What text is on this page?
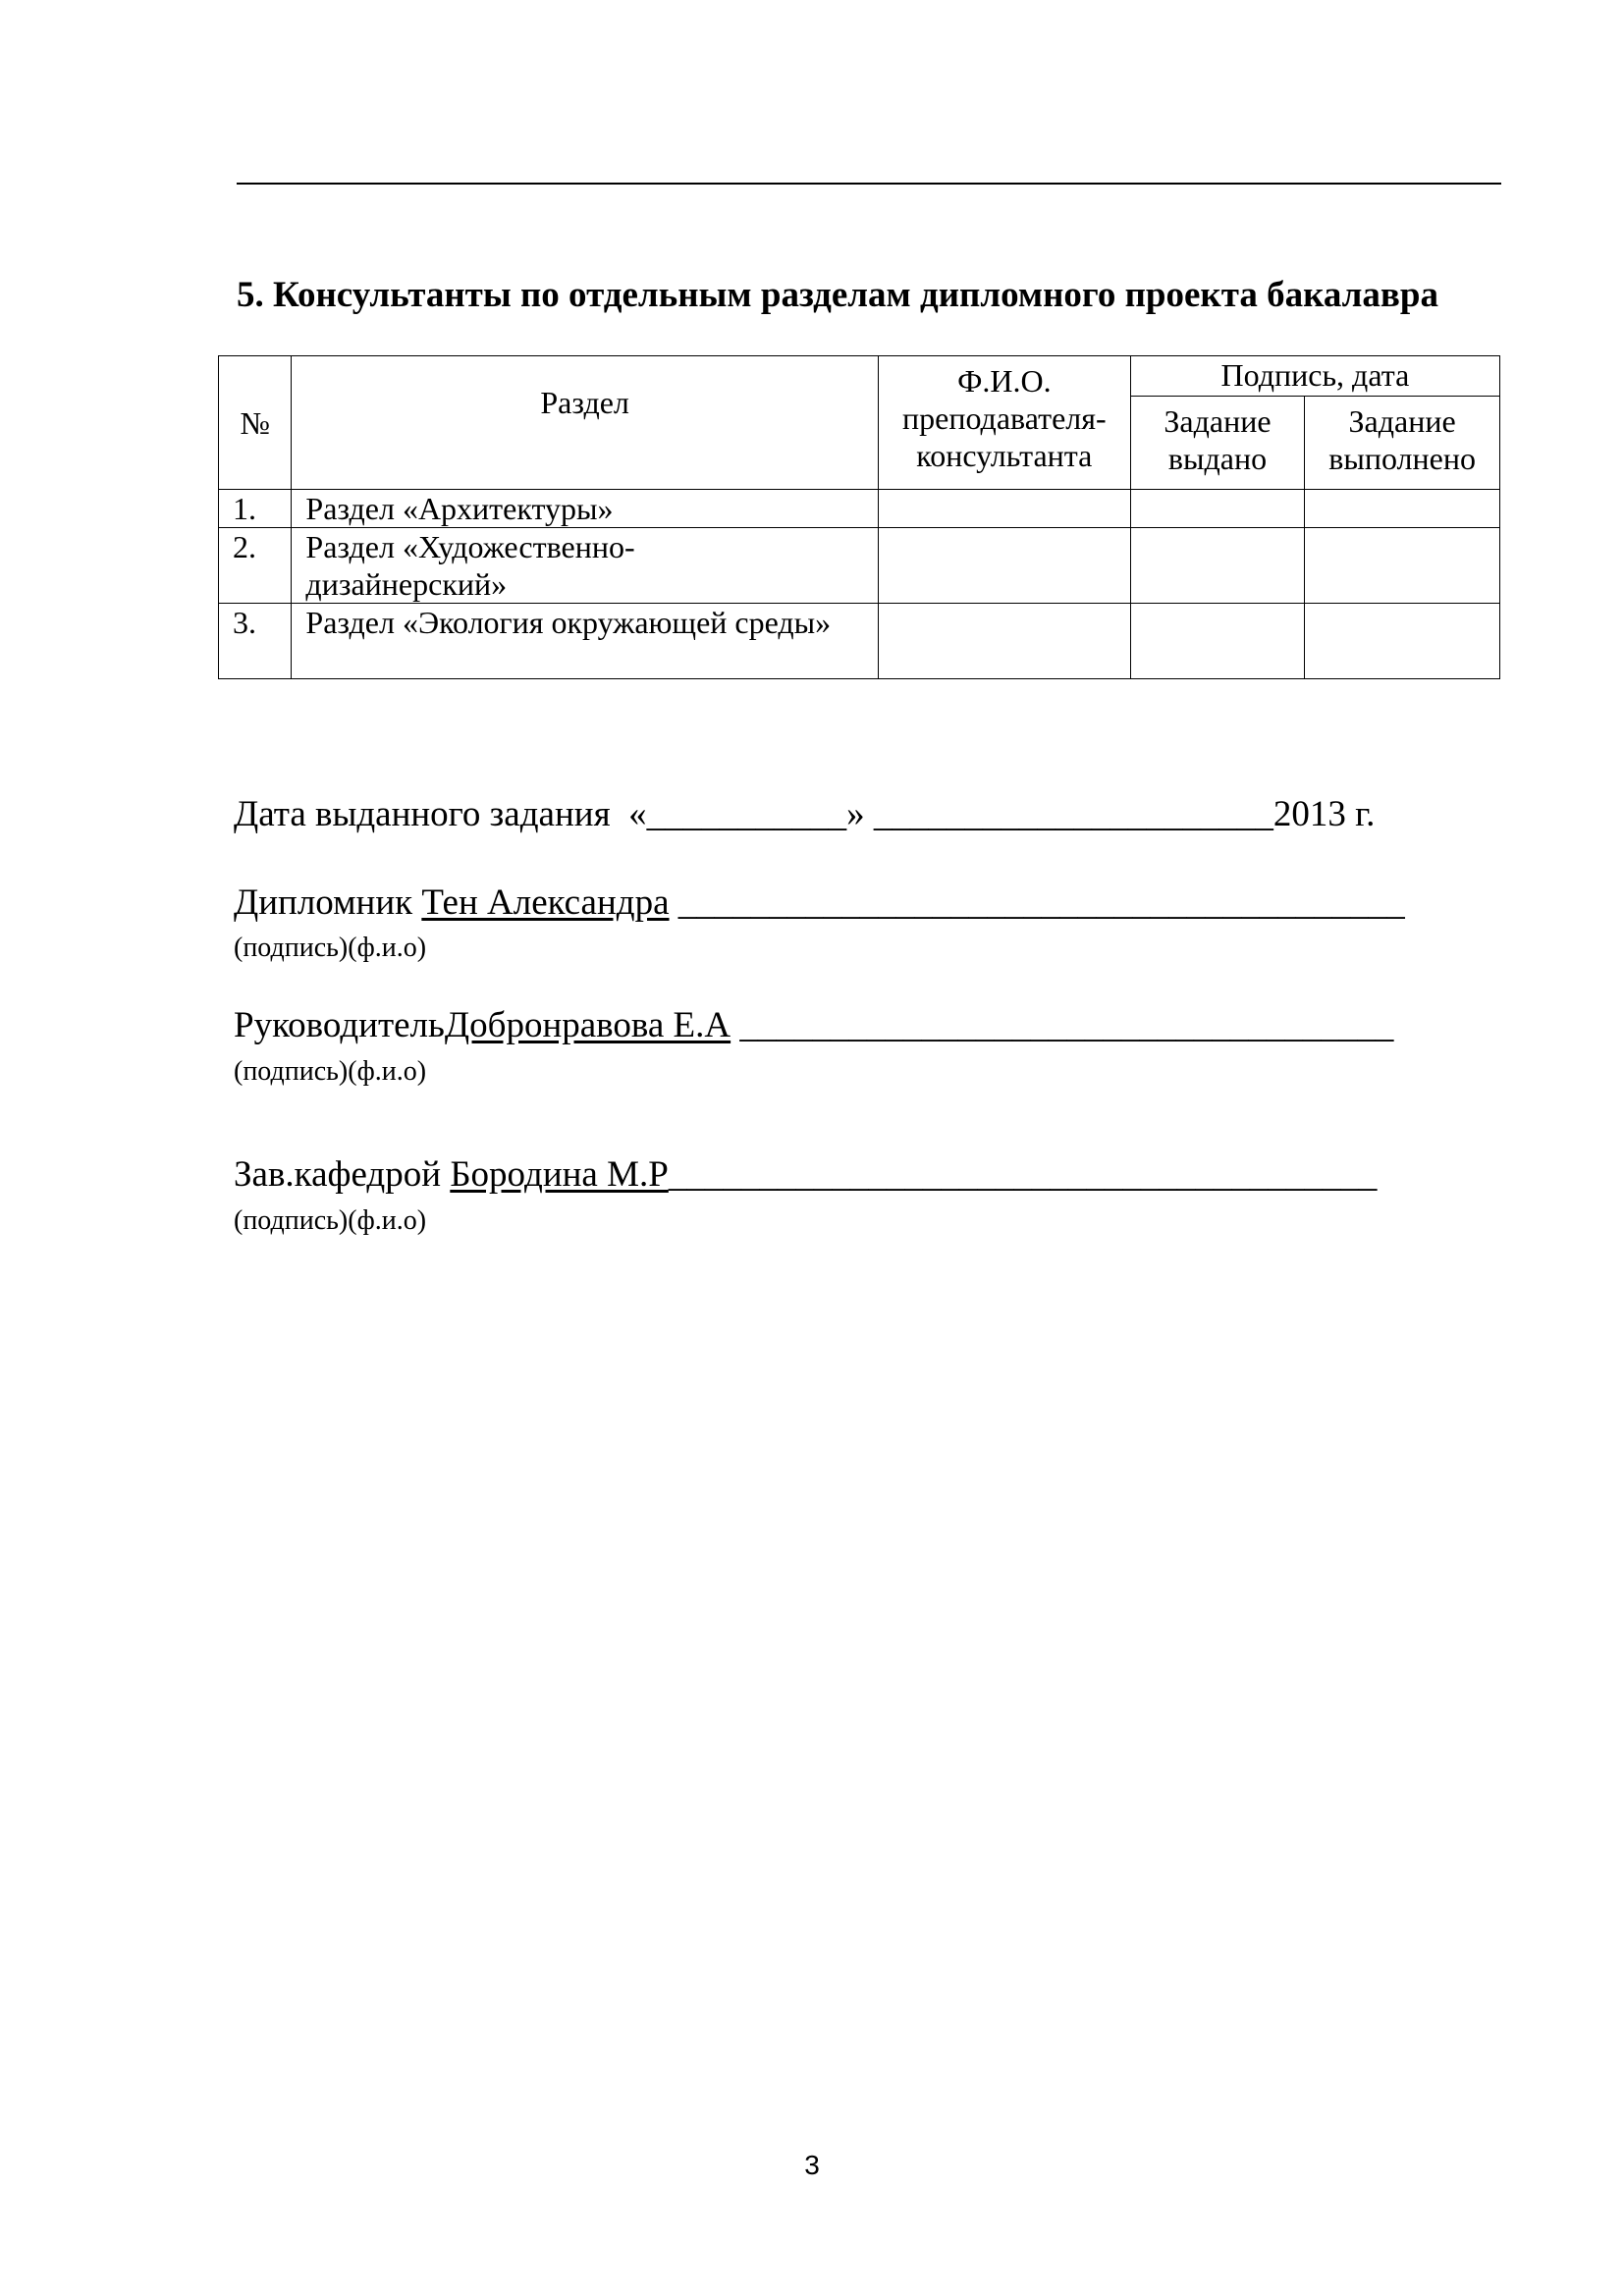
5. Консультанты по отдельным разделам дипломного проекта бакалавра
№	Раздел	Ф.И.О. преподавателя-консультанта	Подпись, дата	
			Задание выдано	Задание выполнено
1.	Раздел «Архитектуры»			
2.	Раздел «Художественно-дизайнерский»			
3.	Раздел «Экология окружающей среды»			
Дата выданного задания «___________» ______________________2013 г.
Дипломник Тен Александра ________________________________________
(подпись)(ф.и.о)
РуководительДобронравова Е.А ____________________________________
(подпись)(ф.и.о)
Зав.кафедрой Бородина М.Р_______________________________________
(подпись)(ф.и.о)
3
